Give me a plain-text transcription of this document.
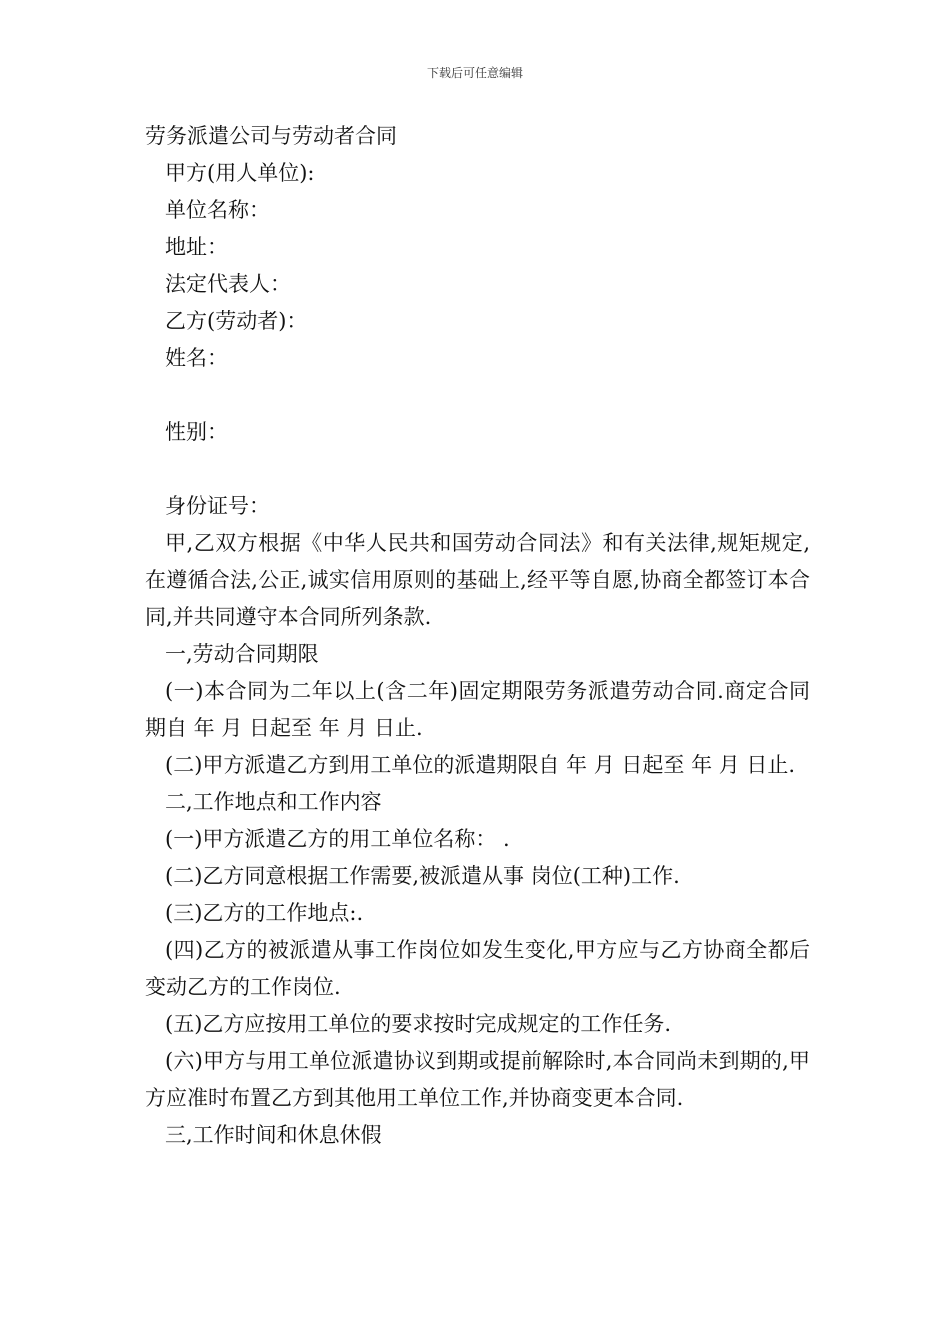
下载后可任意编辑
劳务派遣公司与劳动者合同
甲方(用人单位):
单位名称：
地址：
法定代表人：
乙方(劳动者)：
姓名：
性别：
身份证号：
甲,乙双方根据《中华人民共和国劳动合同法》和有关法律,规矩规定,在遵循合法,公正,诚实信用原则的基础上,经平等自愿,协商全都签订本合同,并共同遵守本合同所列条款.
一,劳动合同期限
(一)本合同为二年以上(含二年)固定期限劳务派遣劳动合同.商定合同期自 年 月 日起至 年 月 日止.
(二)甲方派遣乙方到用工单位的派遣期限自 年 月 日起至 年 月 日止.
二,工作地点和工作内容
(一)甲方派遣乙方的用工单位名称： .
(二)乙方同意根据工作需要,被派遣从事 岗位(工种)工作.
(三)乙方的工作地点:.
(四)乙方的被派遣从事工作岗位如发生变化,甲方应与乙方协商全都后变动乙方的工作岗位.
(五)乙方应按用工单位的要求按时完成规定的工作任务.
(六)甲方与用工单位派遣协议到期或提前解除时,本合同尚未到期的,甲方应准时布置乙方到其他用工单位工作,并协商变更本合同.
三,工作时间和休息休假
